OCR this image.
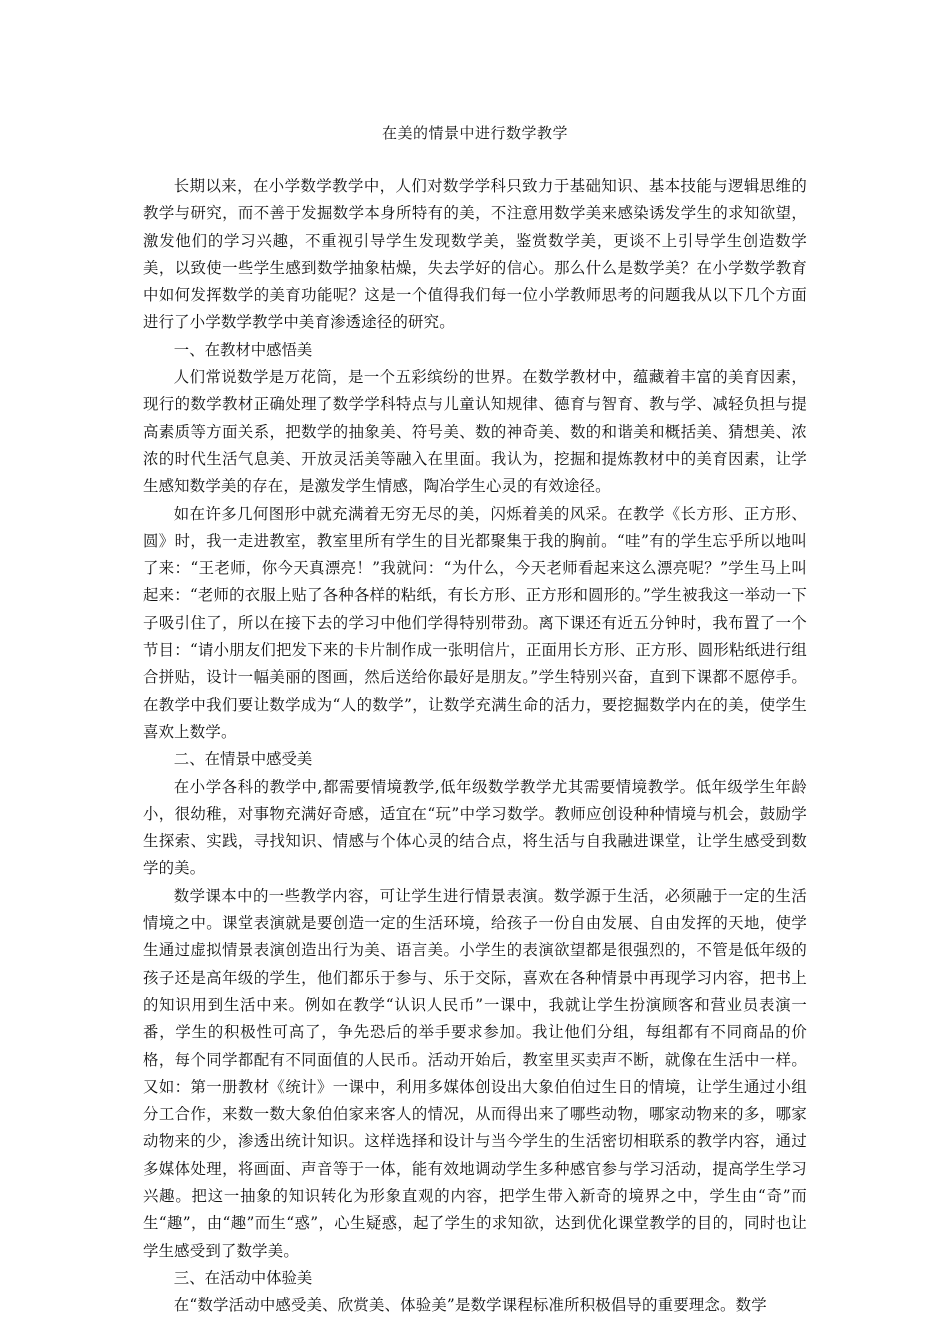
在美的情景中进行数学教学

长期以来，在小学数学教学中，人们对数学学科只致力于基础知识、基本技能与逻辑思维的教学与研究，而不善于发掘数学本身所特有的美，不注意用数学美来感染诱发学生的求知欲望，激发他们的学习兴趣，不重视引导学生发现数学美，鉴赏数学美，更谈不上引导学生创造数学美，以致使一些学生感到数学抽象枯燥，失去学好的信心。那么什么是数学美？在小学数学教育中如何发挥数学的美育功能呢？这是一个值得我们每一位小学教师思考的问题我从以下几个方面进行了小学数学教学中美育渗透途径的研究。

一、在教材中感悟美

人们常说数学是万花筒，是一个五彩缤纷的世界。在数学教材中，蕴藏着丰富的美育因素，现行的数学教材正确处理了数学学科特点与儿童认知规律、德育与智育、教与学、减轻负担与提高素质等方面关系，把数学的抽象美、符号美、数的神奇美、数的和谐美和概括美、猜想美、浓浓的时代生活气息美、开放灵活美等融入在里面。我认为，挖掘和提炼教材中的美育因素，让学生感知数学美的存在，是激发学生情感，陶冶学生心灵的有效途径。

如在许多几何图形中就充满着无穷无尽的美，闪烁着美的风采。在教学《长方形、正方形、圆》时，我一走进教室，教室里所有学生的目光都聚集于我的胸前。“哇”有的学生忘乎所以地叫了来：“王老师，你今天真漂亮！”我就问：“为什么，今天老师看起来这么漂亮呢？”学生马上叫起来：“老师的衣服上贴了各种各样的粘纸，有长方形、正方形和圆形的。”学生被我这一举动一下子吸引住了，所以在接下去的学习中他们学得特别带劲。离下课还有近五分钟时，我布置了一个节目：“请小朋友们把发下来的卡片制作成一张明信片，正面用长方形、正方形、圆形粘纸进行组合拼贴，设计一幅美丽的图画，然后送给你最好是朋友。”学生特别兴奋，直到下课都不愿停手。在教学中我们要让数学成为“人的数学”，让数学充满生命的活力，要挖掘数学内在的美，使学生喜欢上数学。

二、在情景中感受美

在小学各科的教学中,都需要情境教学,低年级数学教学尤其需要情境教学。低年级学生年龄小，很幼稚，对事物充满好奇感，适宜在“玩”中学习数学。教师应创设种种情境与机会，鼓励学生探索、实践，寻找知识、情感与个体心灵的结合点，将生活与自我融进课堂，让学生感受到数学的美。

数学课本中的一些教学内容，可让学生进行情景表演。数学源于生活，必须融于一定的生活情境之中。课堂表演就是要创造一定的生活环境，给孩子一份自由发展、自由发挥的天地，使学生通过虚拟情景表演创造出行为美、语言美。小学生的表演欲望都是很强烈的，不管是低年级的孩子还是高年级的学生，他们都乐于参与、乐于交际，喜欢在各种情景中再现学习内容，把书上的知识用到生活中来。例如在教学“认识人民币”一课中，我就让学生扮演顾客和营业员表演一番，学生的积极性可高了，争先恐后的举手要求参加。我让他们分组，每组都有不同商品的价格，每个同学都配有不同面值的人民币。活动开始后，教室里买卖声不断，就像在生活中一样。又如：第一册教材《统计》一课中，利用多媒体创设出大象伯伯过生日的情境，让学生通过小组分工合作，来数一数大象伯伯家来客人的情况，从而得出来了哪些动物，哪家动物来的多，哪家动物来的少，渗透出统计知识。这样选择和设计与当今学生的生活密切相联系的教学内容，通过多媒体处理，将画面、声音等于一体，能有效地调动学生多种感官参与学习活动，提高学生学习兴趣。把这一抽象的知识转化为形象直观的内容，把学生带入新奇的境界之中，学生由“奇”而生“趣”，由“趣”而生“惑”，心生疑惑，起了学生的求知欲，达到优化课堂教学的目的，同时也让学生感受到了数学美。

三、在活动中体验美

在“数学活动中感受美、欣赏美、体验美”是数学课程标准所积极倡导的重要理念。数学
